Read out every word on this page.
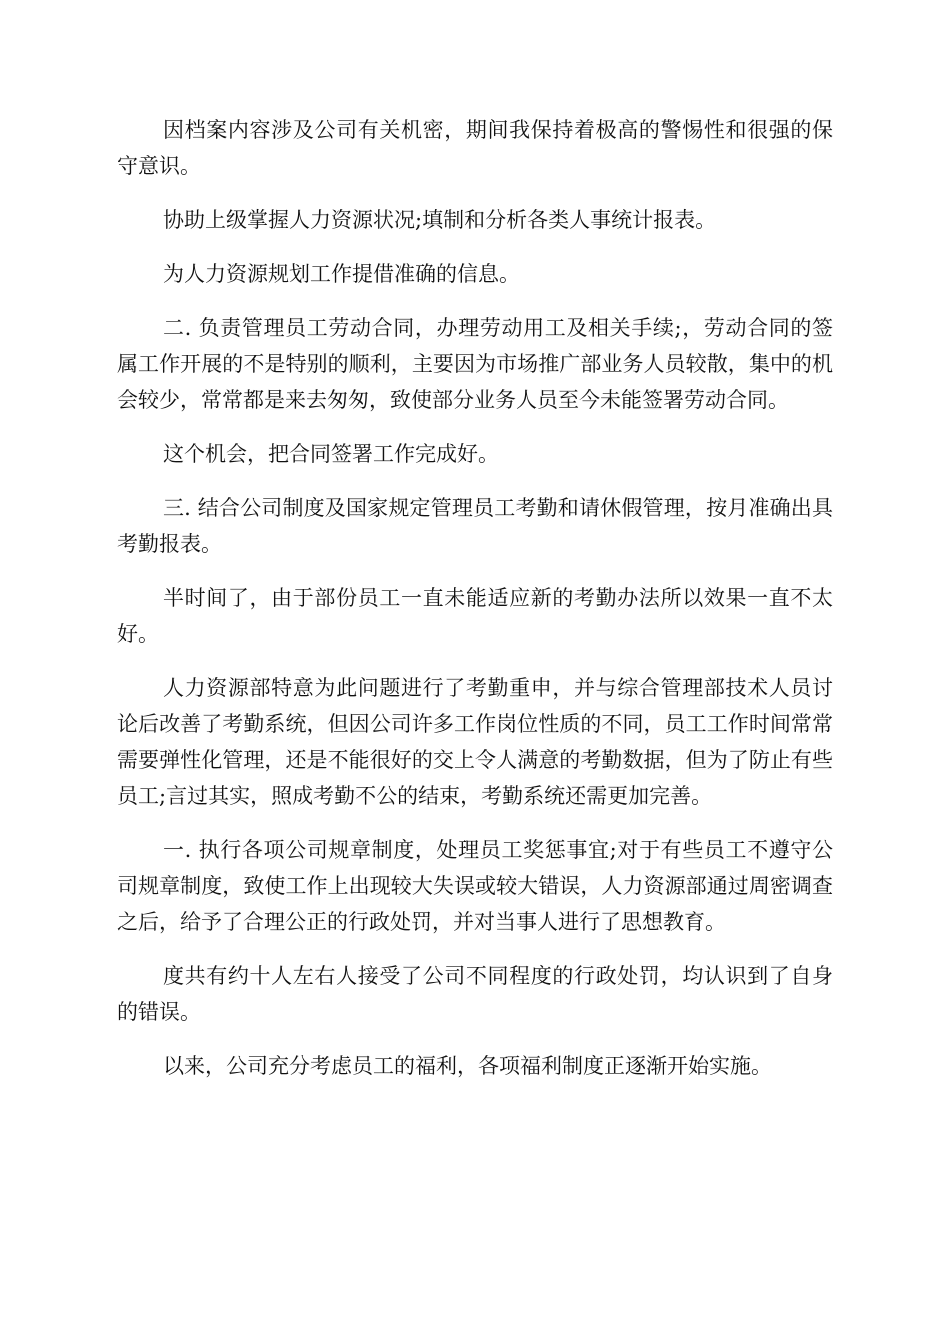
因档案内容涉及公司有关机密，期间我保持着极高的警惕性和很强的保守意识。

协助上级掌握人力资源状况;填制和分析各类人事统计报表。

为人力资源规划工作提借准确的信息。

二. 负责管理员工劳动合同，办理劳动用工及相关手续;，劳动合同的签属工作开展的不是特别的顺利，主要因为市场推广部业务人员较散，集中的机会较少，常常都是来去匆匆，致使部分业务人员至今未能签署劳动合同。

这个机会，把合同签署工作完成好。

三. 结合公司制度及国家规定管理员工考勤和请休假管理，按月准确出具考勤报表。

半时间了，由于部份员工一直未能适应新的考勤办法所以效果一直不太好。

人力资源部特意为此问题进行了考勤重申，并与综合管理部技术人员讨论后改善了考勤系统，但因公司许多工作岗位性质的不同，员工工作时间常常需要弹性化管理，还是不能很好的交上令人满意的考勤数据，但为了防止有些员工;言过其实，照成考勤不公的结束，考勤系统还需更加完善。

一. 执行各项公司规章制度，处理员工奖惩事宜;对于有些员工不遵守公司规章制度，致使工作上出现较大失误或较大错误，人力资源部通过周密调查之后，给予了合理公正的行政处罚，并对当事人进行了思想教育。

度共有约十人左右人接受了公司不同程度的行政处罚，均认识到了自身的错误。

以来，公司充分考虑员工的福利，各项福利制度正逐渐开始实施。
